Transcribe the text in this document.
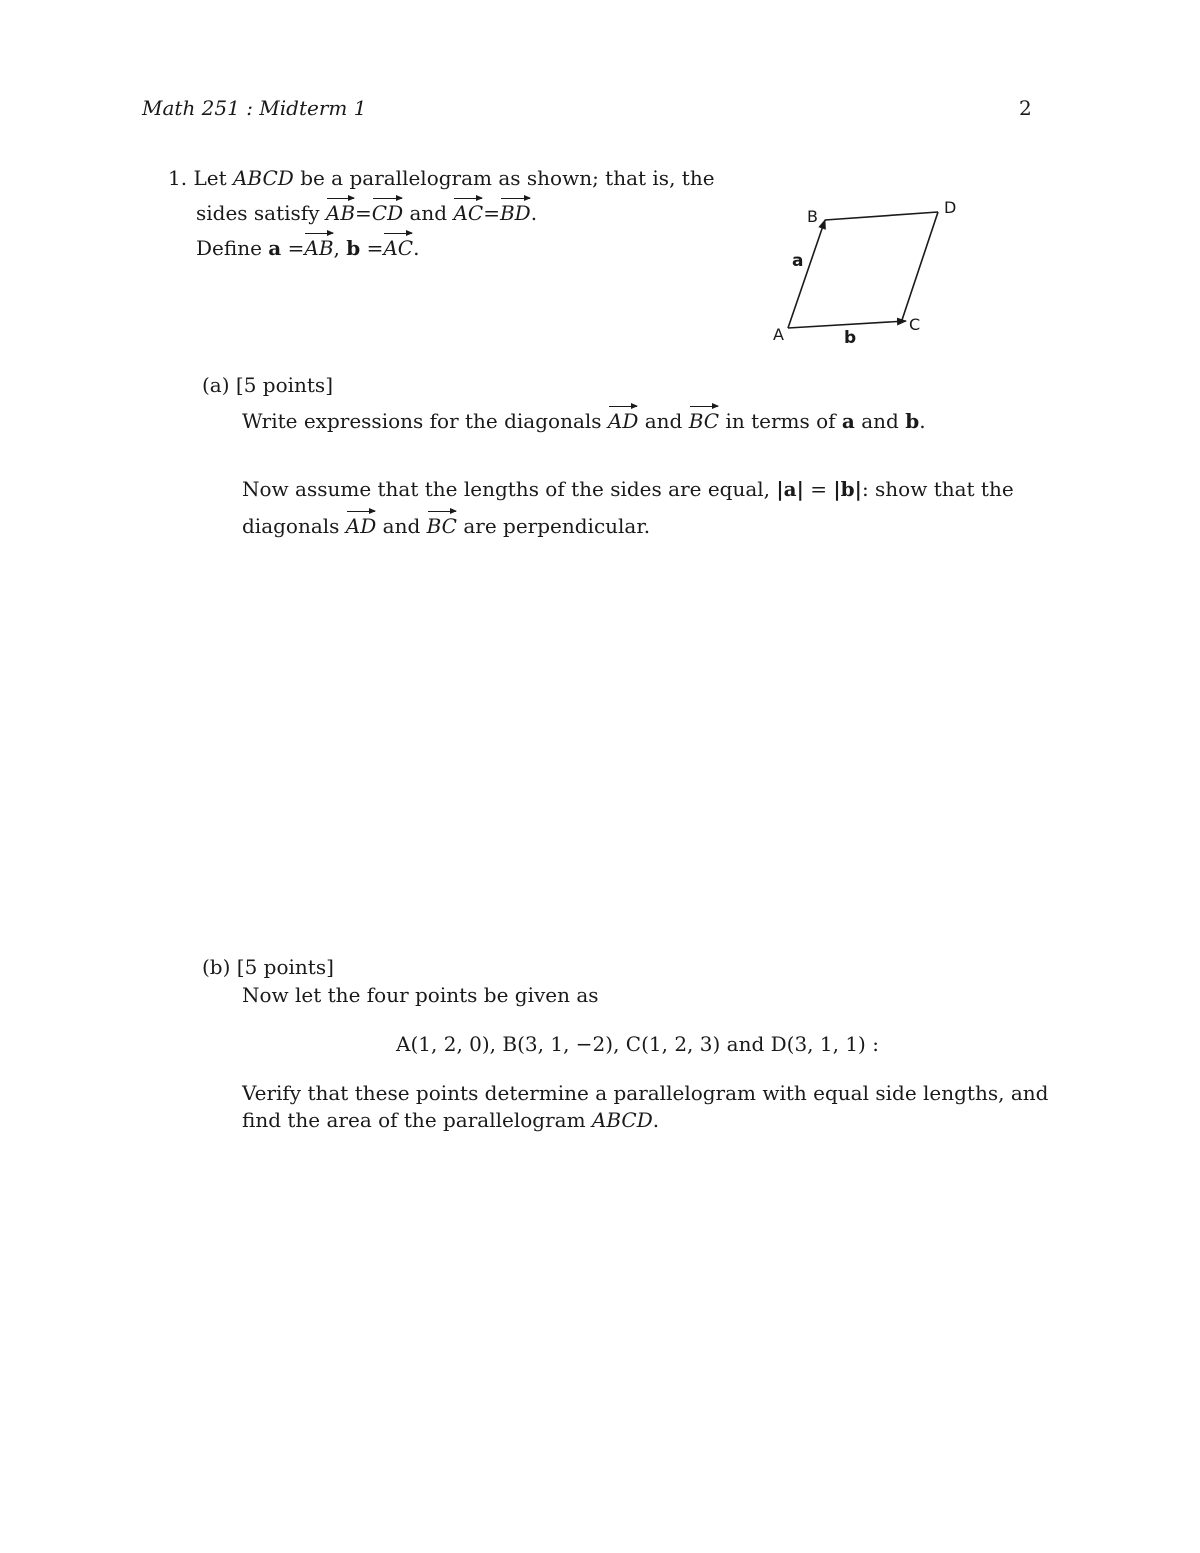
Math 251 : Midterm 1	2
1. Let ABCD be a parallelogram as shown; that is, the
sides satisfy AB=CD and AC=BD.
Define a =AB, b =AC.
B	D
A
C
a
b
(a) [5 points]
Write expressions for the diagonals AD and BC in terms of a and b.
Now assume that the lengths of the sides are equal, |a| = |b|: show that the
diagonals AD and BC are perpendicular.
(b) [5 points]
Now let the four points be given as
A(1, 2, 0), B(3, 1, −2), C(1, 2, 3) and D(3, 1, 1) :
Verify that these points determine a parallelogram with equal side lengths, and
find the area of the parallelogram ABCD.
